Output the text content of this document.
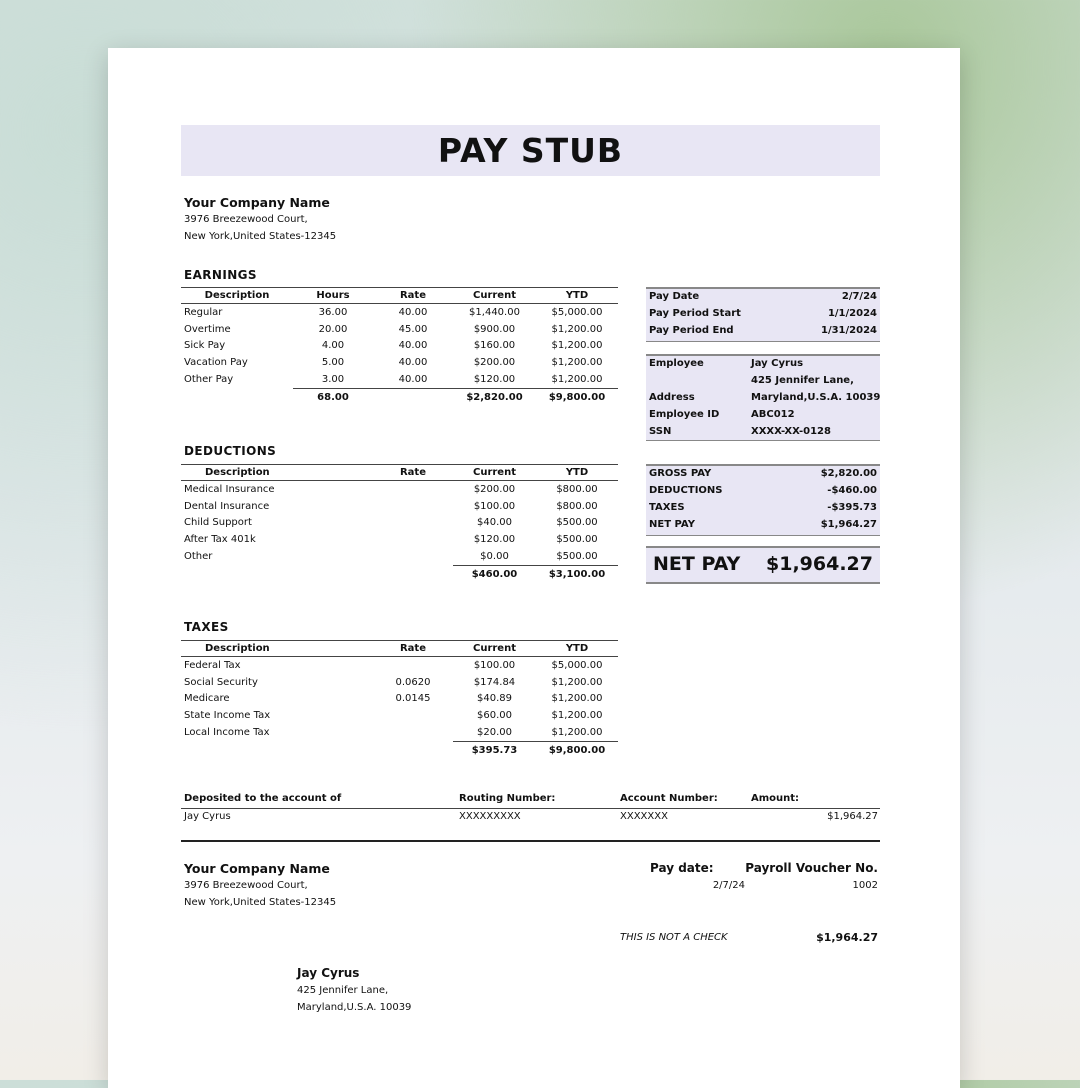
PAY STUB
Your Company Name
3976 Breezewood Court,
New York,United States-12345
EARNINGS
Description	Hours	Rate	Current	YTD
Regular	36.00	40.00	$1,440.00	$5,000.00
Overtime	20.00	45.00	$900.00	$1,200.00
Sick Pay	4.00	40.00	$160.00	$1,200.00
Vacation Pay	5.00	40.00	$200.00	$1,200.00
Other Pay	3.00	40.00	$120.00	$1,200.00
	68.00		$2,820.00	$9,800.00
DEDUCTIONS
Description	Rate	Current	YTD
Medical Insurance		$200.00	$800.00
Dental Insurance		$100.00	$800.00
Child Support		$40.00	$500.00
After Tax 401k		$120.00	$500.00
Other		$0.00	$500.00
		$460.00	$3,100.00
TAXES
Description	Rate	Current	YTD
Federal Tax		$100.00	$5,000.00
Social Security	0.0620	$174.84	$1,200.00
Medicare	0.0145	$40.89	$1,200.00
State Income Tax		$60.00	$1,200.00
Local Income Tax		$20.00	$1,200.00
		$395.73	$9,800.00
Pay Date	2/7/24
Pay Period Start	1/1/2024
Pay Period End	1/31/2024
Employee	Jay Cyrus
425 Jennifer Lane,
Address	Maryland,U.S.A. 10039
Employee ID	ABC012
SSN	XXXX-XX-0128
GROSS PAY	$2,820.00
DEDUCTIONS	-$460.00
TAXES	-$395.73
NET PAY	$1,964.27
NET PAY $1,964.27
Deposited to the account of	Routing Number:	Account Number:	Amount:
Jay Cyrus	XXXXXXXXX	XXXXXXX	$1,964.27
Your Company Name
3976 Breezewood Court,
New York,United States-12345
Pay date:
2/7/24
Payroll Voucher No.
1002
THIS IS NOT A CHECK	$1,964.27
Jay Cyrus
425 Jennifer Lane,
Maryland,U.S.A. 10039
